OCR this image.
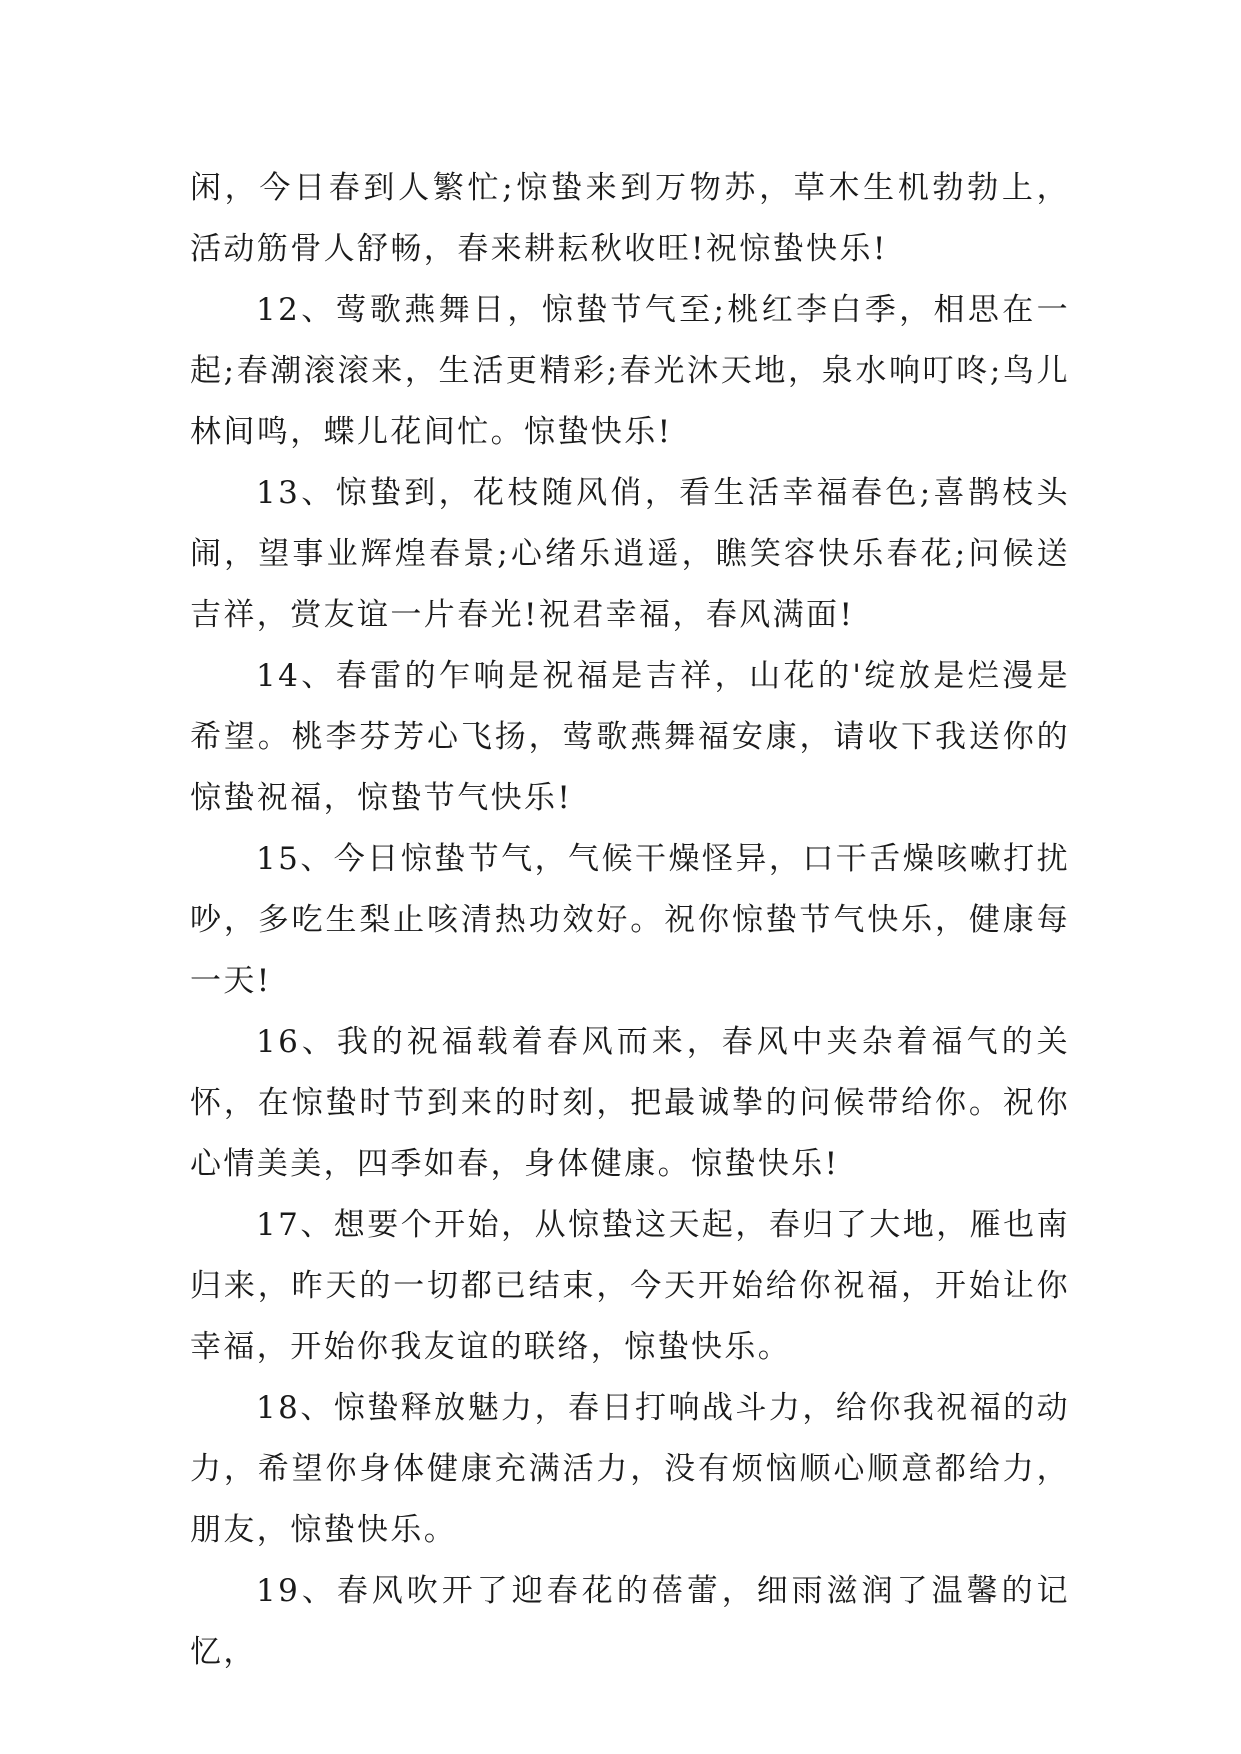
闲，今日春到人繁忙;惊蛰来到万物苏，草木生机勃勃上，活动筋骨人舒畅，春来耕耘秋收旺!祝惊蛰快乐!

12、莺歌燕舞日，惊蛰节气至;桃红李白季，相思在一起;春潮滚滚来，生活更精彩;春光沐天地，泉水响叮咚;鸟儿林间鸣，蝶儿花间忙。惊蛰快乐!

13、惊蛰到，花枝随风俏，看生活幸福春色;喜鹊枝头闹，望事业辉煌春景;心绪乐逍遥，瞧笑容快乐春花;问候送吉祥，赏友谊一片春光!祝君幸福，春风满面!

14、春雷的乍响是祝福是吉祥，山花的'绽放是烂漫是希望。桃李芬芳心飞扬，莺歌燕舞福安康，请收下我送你的惊蛰祝福，惊蛰节气快乐!

15、今日惊蛰节气，气候干燥怪异，口干舌燥咳嗽打扰吵，多吃生梨止咳清热功效好。祝你惊蛰节气快乐，健康每一天!

16、我的祝福载着春风而来，春风中夹杂着福气的关怀，在惊蛰时节到来的时刻，把最诚挚的问候带给你。祝你心情美美，四季如春，身体健康。惊蛰快乐!

17、想要个开始，从惊蛰这天起，春归了大地，雁也南归来，昨天的一切都已结束，今天开始给你祝福，开始让你幸福，开始你我友谊的联络，惊蛰快乐。

18、惊蛰释放魅力，春日打响战斗力，给你我祝福的动力，希望你身体健康充满活力，没有烦恼顺心顺意都给力，朋友，惊蛰快乐。

19、春风吹开了迎春花的蓓蕾，细雨滋润了温馨的记忆，
